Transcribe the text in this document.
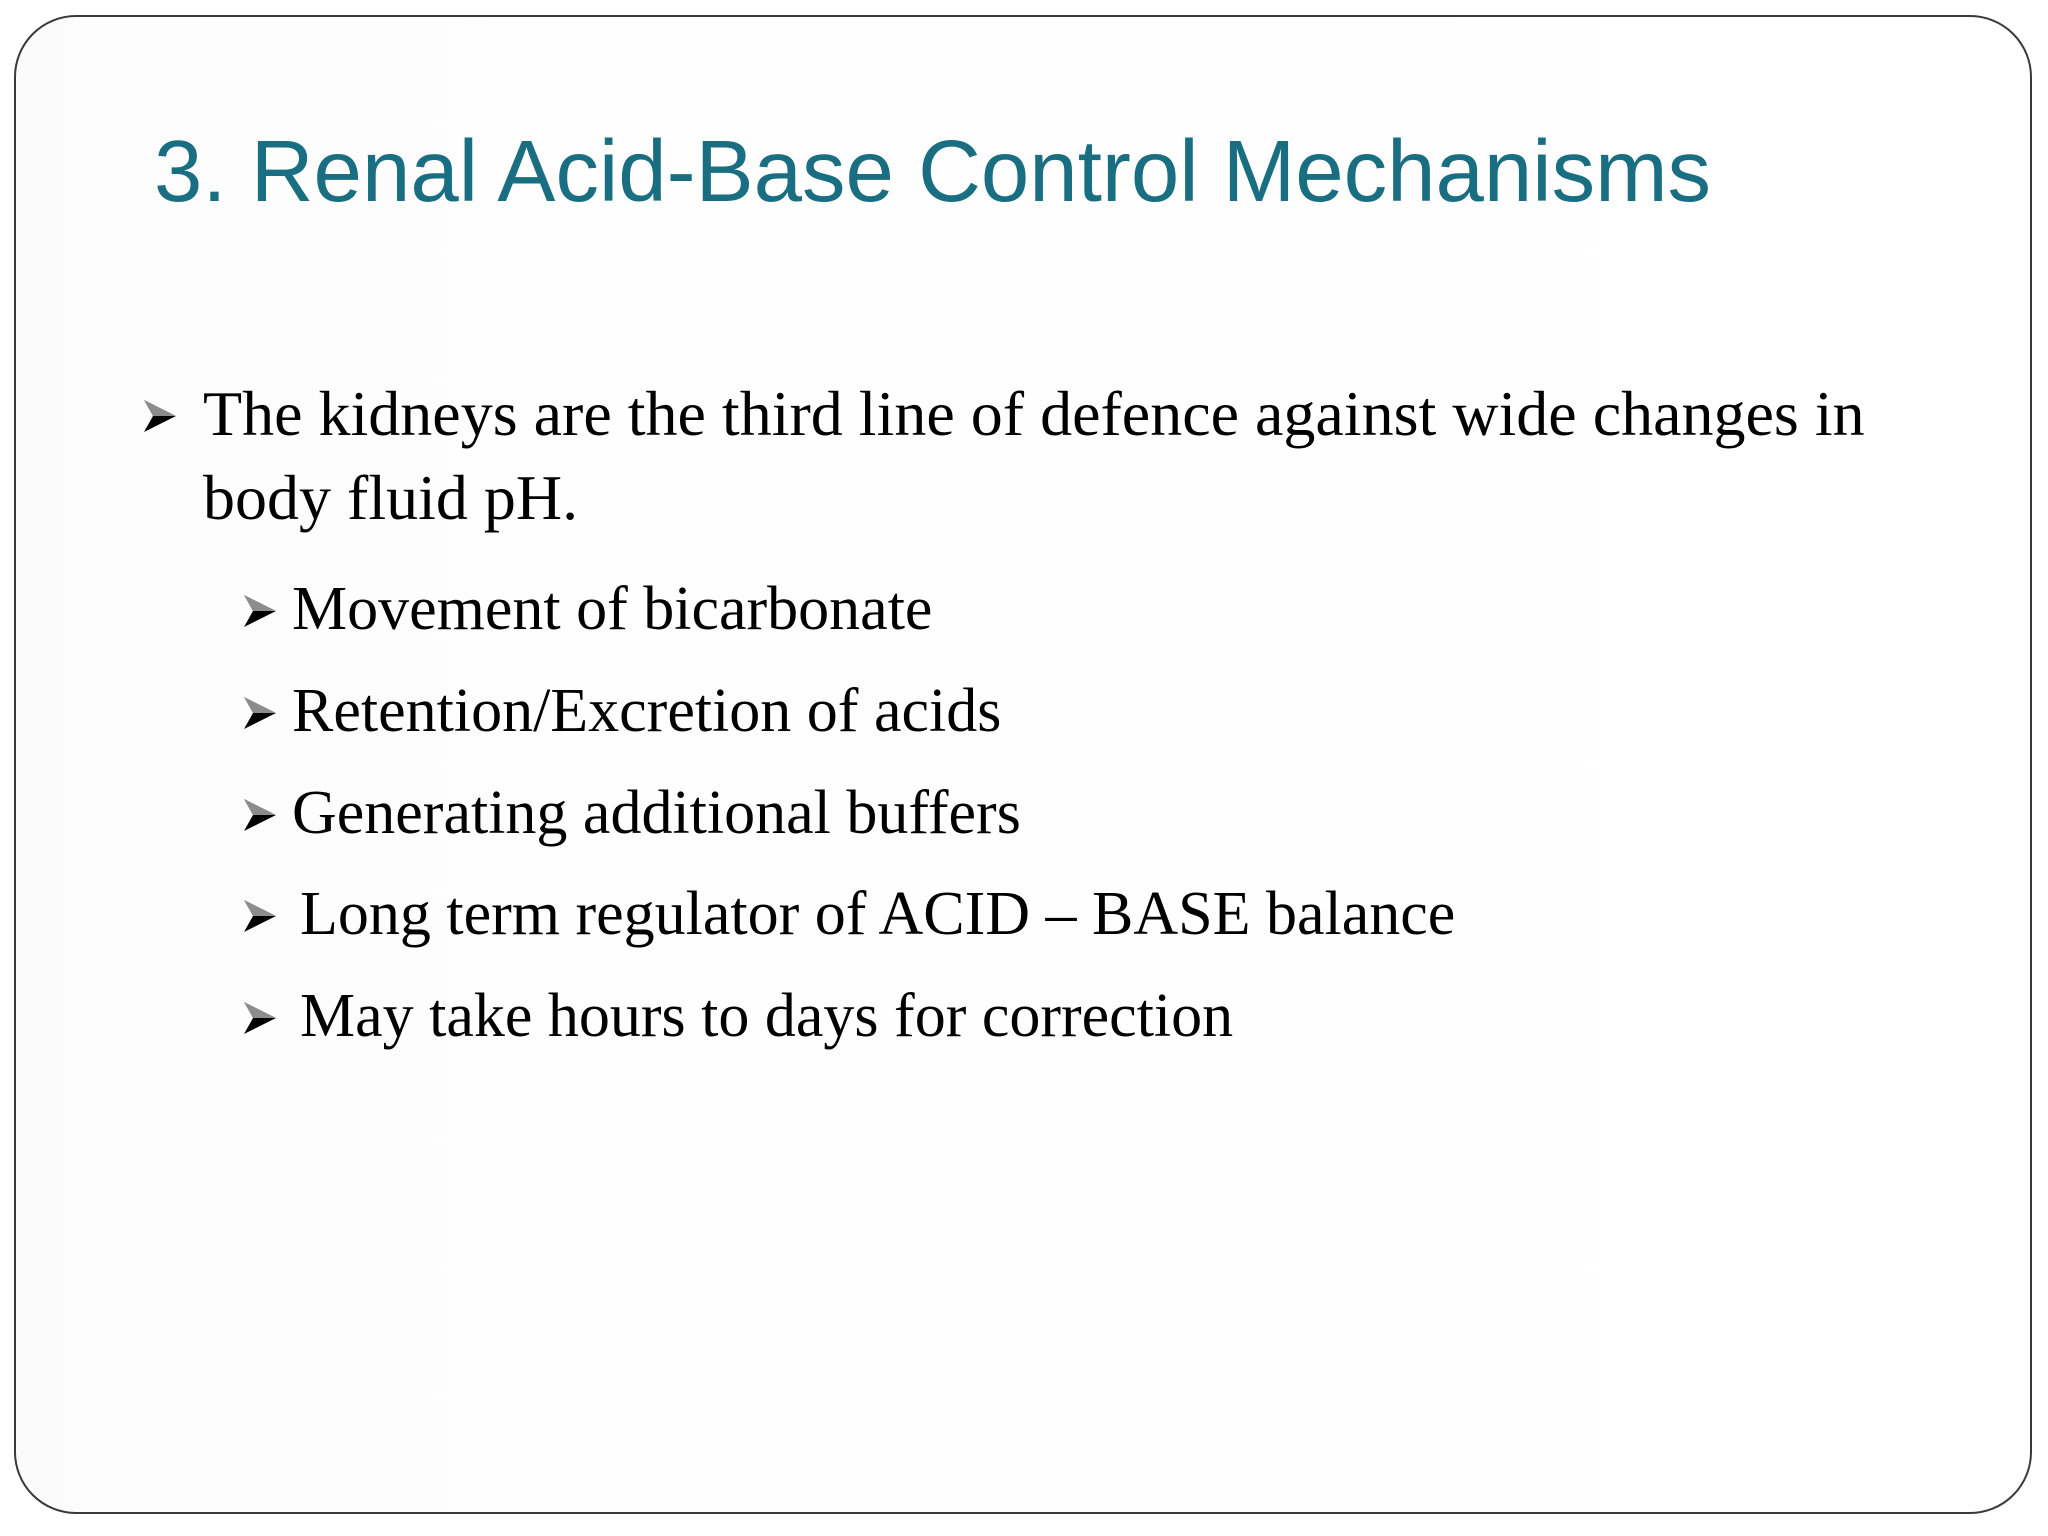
3. Renal Acid-Base Control Mechanisms
The kidneys are the third line of defence against wide changes in body fluid pH.
Movement of bicarbonate
Retention/Excretion of acids
Generating additional buffers
Long term regulator of ACID – BASE balance
May take hours to days for correction
